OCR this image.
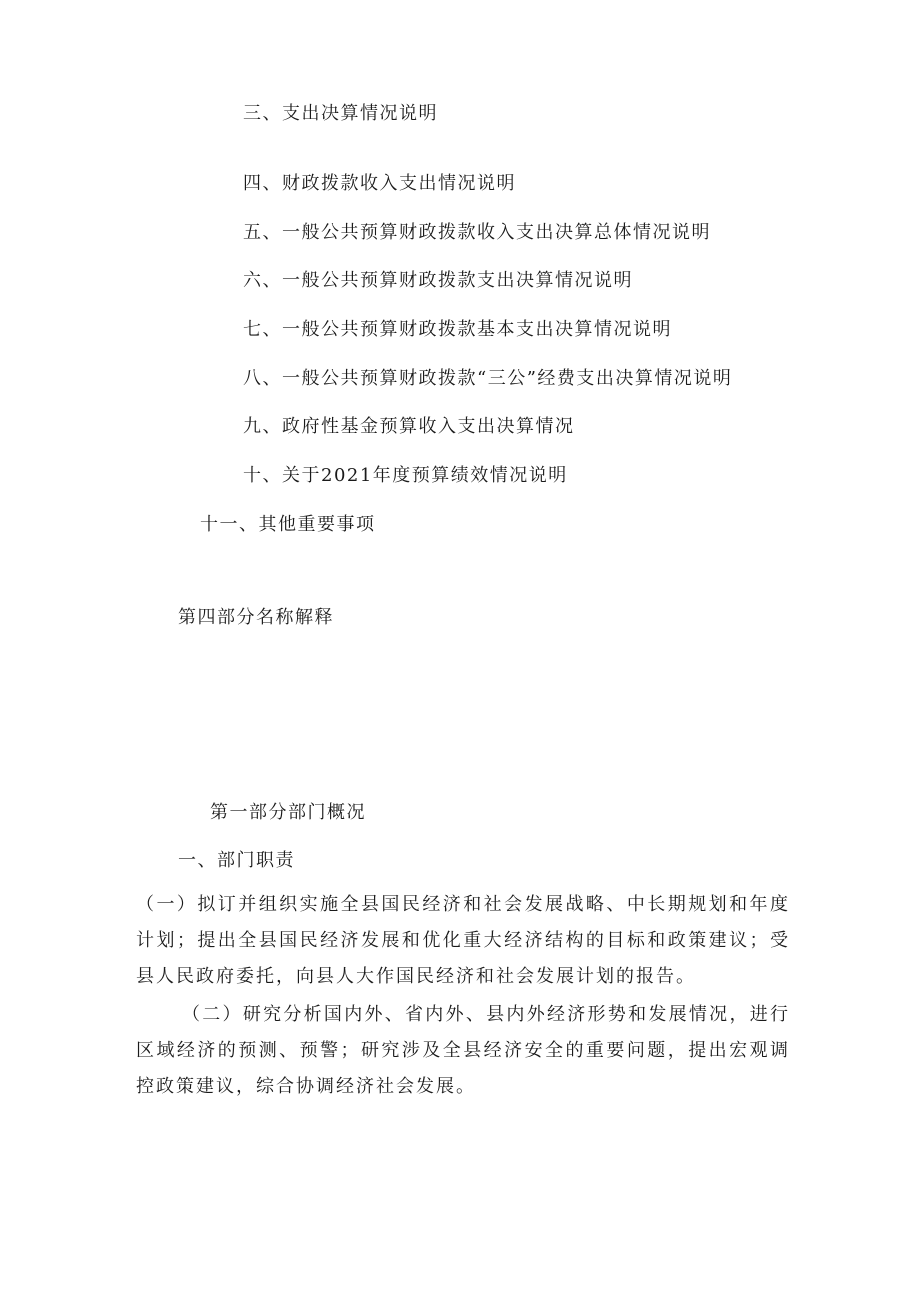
三、支出决算情况说明
四、财政拨款收入支出情况说明
五、一般公共预算财政拨款收入支出决算总体情况说明
六、一般公共预算财政拨款支出决算情况说明
七、一般公共预算财政拨款基本支出决算情况说明
八、一般公共预算财政拨款“三公”经费支出决算情况说明
九、政府性基金预算收入支出决算情况
十、关于2021年度预算绩效情况说明
十一、其他重要事项
第四部分名称解释
第一部分部门概况
一、部门职责
（一）拟订并组织实施全县国民经济和社会发展战略、中长期规划和年度计划；提出全县国民经济发展和优化重大经济结构的目标和政策建议；受县人民政府委托，向县人大作国民经济和社会发展计划的报告。
（二）研究分析国内外、省内外、县内外经济形势和发展情况，进行区域经济的预测、预警；研究涉及全县经济安全的重要问题，提出宏观调控政策建议，综合协调经济社会发展。
